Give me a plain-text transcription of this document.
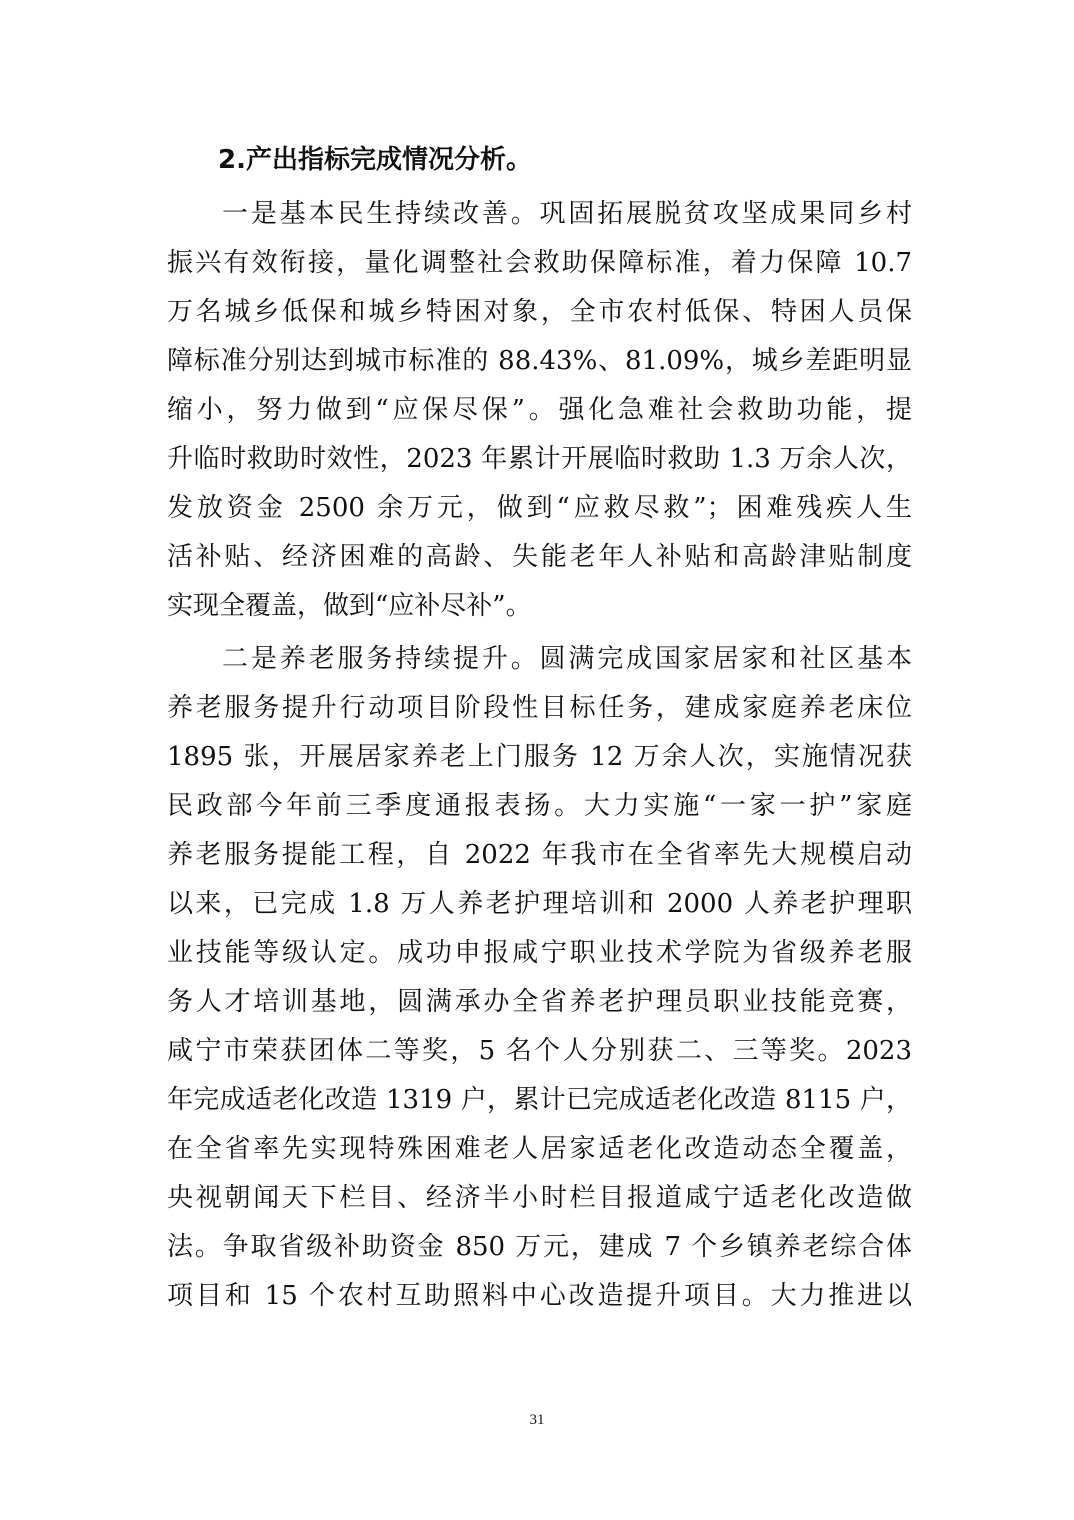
2.产出指标完成情况分析。
一是基本民生持续改善。巩固拓展脱贫攻坚成果同乡村
振兴有效衔接，量化调整社会救助保障标准，着力保障 10.7
万名城乡低保和城乡特困对象，全市农村低保、特困人员保
障标准分别达到城市标准的 88.43%、81.09%，城乡差距明显
缩小，努力做到“应保尽保”。强化急难社会救助功能，提
升临时救助时效性，2023 年累计开展临时救助 1.3 万余人次，
发放资金 2500 余万元，做到“应救尽救”；困难残疾人生
活补贴、经济困难的高龄、失能老年人补贴和高龄津贴制度
实现全覆盖，做到“应补尽补”。
二是养老服务持续提升。圆满完成国家居家和社区基本
养老服务提升行动项目阶段性目标任务，建成家庭养老床位
1895 张，开展居家养老上门服务 12 万余人次，实施情况获
民政部今年前三季度通报表扬。大力实施“一家一护”家庭
养老服务提能工程，自 2022 年我市在全省率先大规模启动
以来，已完成 1.8 万人养老护理培训和 2000 人养老护理职
业技能等级认定。成功申报咸宁职业技术学院为省级养老服
务人才培训基地，圆满承办全省养老护理员职业技能竞赛，
咸宁市荣获团体二等奖，5 名个人分别获二、三等奖。2023
年完成适老化改造 1319 户，累计已完成适老化改造 8115 户，
在全省率先实现特殊困难老人居家适老化改造动态全覆盖，
央视朝闻天下栏目、经济半小时栏目报道咸宁适老化改造做
法。争取省级补助资金 850 万元，建成 7 个乡镇养老综合体
项目和 15 个农村互助照料中心改造提升项目。大力推进以
31
